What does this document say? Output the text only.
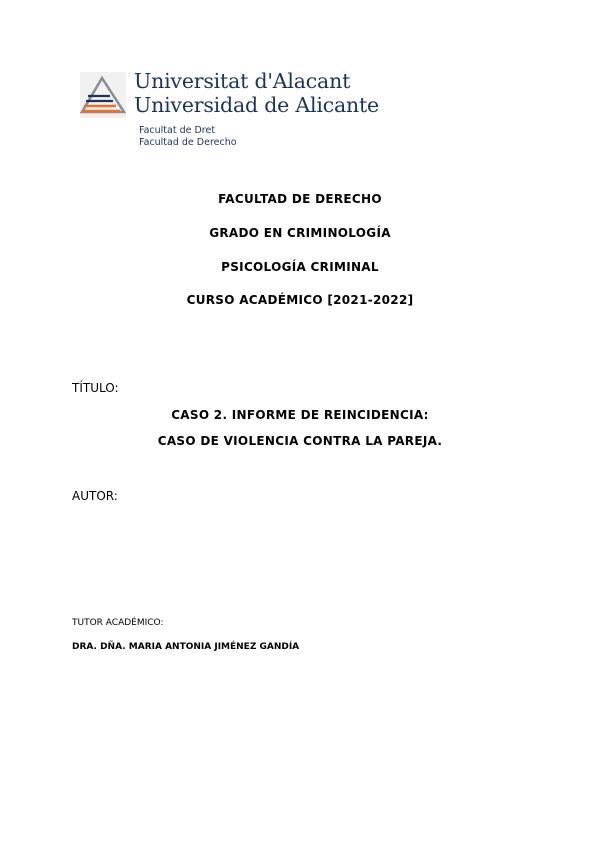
Universitat d'Alacant
Universidad de Alicante
Facultat de Dret
Facultad de Derecho
FACULTAD DE DERECHO
GRADO EN CRIMINOLOGÍA
PSICOLOGÍA CRIMINAL
CURSO ACADÉMICO [2021-2022]
TÍTULO:
CASO 2. INFORME DE REINCIDENCIA:
CASO DE VIOLENCIA CONTRA LA PAREJA.
AUTOR:
TUTOR ACADÉMICO:
DRA. DÑA. MARIA ANTONIA JIMÉNEZ GANDÍA
